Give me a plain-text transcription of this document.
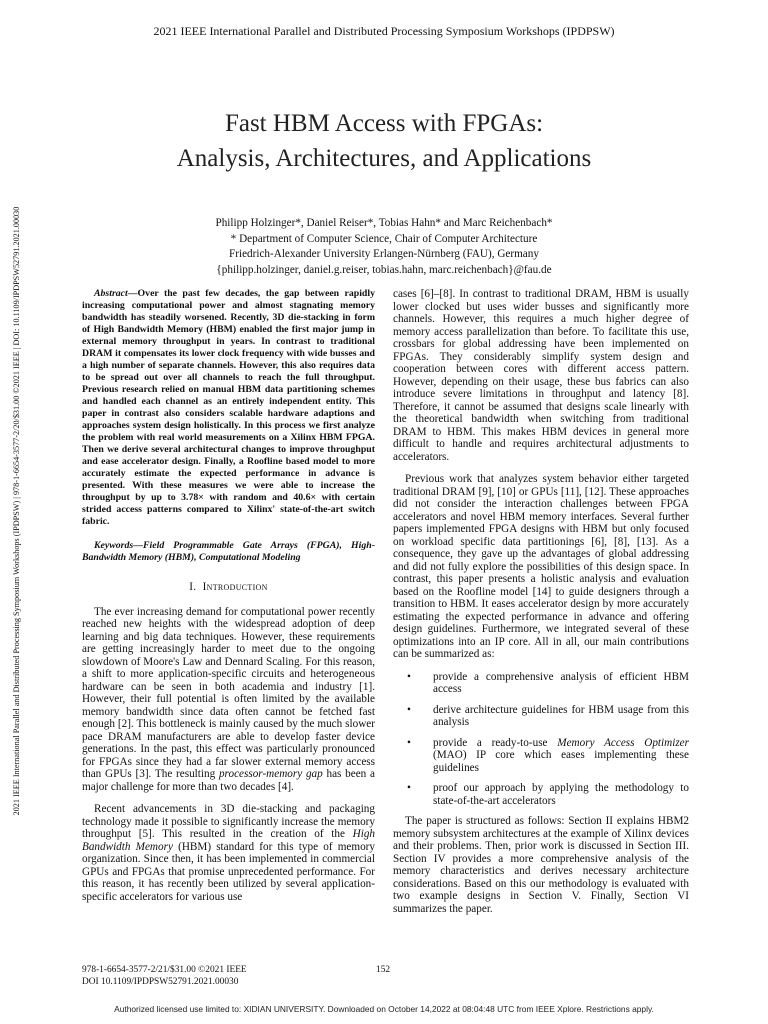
2021 IEEE International Parallel and Distributed Processing Symposium Workshops (IPDPSW)
2021 IEEE International Parallel and Distributed Processing Symposium Workshops (IPDPSW) | 978-1-6654-3577-2/20/$31.00 ©2021 IEEE | DOI: 10.1109/IPDPSW52791.2021.00030
Fast HBM Access with FPGAs:
Analysis, Architectures, and Applications
Philipp Holzinger*, Daniel Reiser*, Tobias Hahn* and Marc Reichenbach*
* Department of Computer Science, Chair of Computer Architecture
Friedrich-Alexander University Erlangen-Nürnberg (FAU), Germany
{philipp.holzinger, daniel.g.reiser, tobias.hahn, marc.reichenbach}@fau.de

Abstract—Over the past few decades, the gap between rapidly increasing computational power and almost stagnating memory bandwidth has steadily worsened. Recently, 3D die-stacking in form of High Bandwidth Memory (HBM) enabled the first major jump in external memory throughput in years. In contrast to traditional DRAM it compensates its lower clock frequency with wide busses and a high number of separate channels. However, this also requires data to be spread out over all channels to reach the full throughput. Previous research relied on manual HBM data partitioning schemes and handled each channel as an entirely independent entity. This paper in contrast also considers scalable hardware adaptions and approaches system design holistically. In this process we first analyze the problem with real world measurements on a Xilinx HBM FPGA. Then we derive several architectural changes to improve throughput and ease accelerator design. Finally, a Roofline based model to more accurately estimate the expected performance in advance is presented. With these measures we were able to increase the throughput by up to 3.78× with random and 40.6× with certain strided access patterns compared to Xilinx' state-of-the-art switch fabric.

Keywords—Field Programmable Gate Arrays (FPGA), High-Bandwidth Memory (HBM), Computational Modeling

I. Introduction

The ever increasing demand for computational power recently reached new heights with the widespread adoption of deep learning and big data techniques. However, these requirements are getting increasingly harder to meet due to the ongoing slowdown of Moore's Law and Dennard Scaling. For this reason, a shift to more application-specific circuits and heterogeneous hardware can be seen in both academia and industry [1]. However, their full potential is often limited by the available memory bandwidth since data often cannot be fetched fast enough [2]. This bottleneck is mainly caused by the much slower pace DRAM manufacturers are able to develop faster device generations. In the past, this effect was particularly pronounced for FPGAs since they had a far slower external memory access than GPUs [3]. The resulting processor-memory gap has been a major challenge for more than two decades [4].

Recent advancements in 3D die-stacking and packaging technology made it possible to significantly increase the memory throughput [5]. This resulted in the creation of the High Bandwidth Memory (HBM) standard for this type of memory organization. Since then, it has been implemented in commercial GPUs and FPGAs that promise unprecedented performance. For this reason, it has recently been utilized by several application-specific accelerators for various use

cases [6]–[8]. In contrast to traditional DRAM, HBM is usually lower clocked but uses wider busses and significantly more channels. However, this requires a much higher degree of memory access parallelization than before. To facilitate this use, crossbars for global addressing have been implemented on FPGAs. They considerably simplify system design and cooperation between cores with different access pattern. However, depending on their usage, these bus fabrics can also introduce severe limitations in throughput and latency [8]. Therefore, it cannot be assumed that designs scale linearly with the theoretical bandwidth when switching from traditional DRAM to HBM. This makes HBM devices in general more difficult to handle and requires architectural adjustments to accelerators.

Previous work that analyzes system behavior either targeted traditional DRAM [9], [10] or GPUs [11], [12]. These approaches did not consider the interaction challenges between FPGA accelerators and novel HBM memory interfaces. Several further papers implemented FPGA designs with HBM but only focused on workload specific data partitionings [6], [8], [13]. As a consequence, they gave up the advantages of global addressing and did not fully explore the possibilities of this design space. In contrast, this paper presents a holistic analysis and evaluation based on the Roofline model [14] to guide designers through a transition to HBM. It eases accelerator design by more accurately estimating the expected performance in advance and offering design guidelines. Furthermore, we integrated several of these optimizations into an IP core. All in all, our main contributions can be summarized as:

• provide a comprehensive analysis of efficient HBM access
• derive architecture guidelines for HBM usage from this analysis
• provide a ready-to-use Memory Access Optimizer (MAO) IP core which eases implementing these guidelines
• proof our approach by applying the methodology to state-of-the-art accelerators

The paper is structured as follows: Section II explains HBM2 memory subsystem architectures at the example of Xilinx devices and their problems. Then, prior work is discussed in Section III. Section IV provides a more comprehensive analysis of the memory characteristics and derives necessary architecture considerations. Based on this our methodology is evaluated with two example designs in Section V. Finally, Section VI summarizes the paper.

978-1-6654-3577-2/21/$31.00 ©2021 IEEE
DOI 10.1109/IPDPSW52791.2021.00030
152
Authorized licensed use limited to: XIDIAN UNIVERSITY. Downloaded on October 14,2022 at 08:04:48 UTC from IEEE Xplore. Restrictions apply.
